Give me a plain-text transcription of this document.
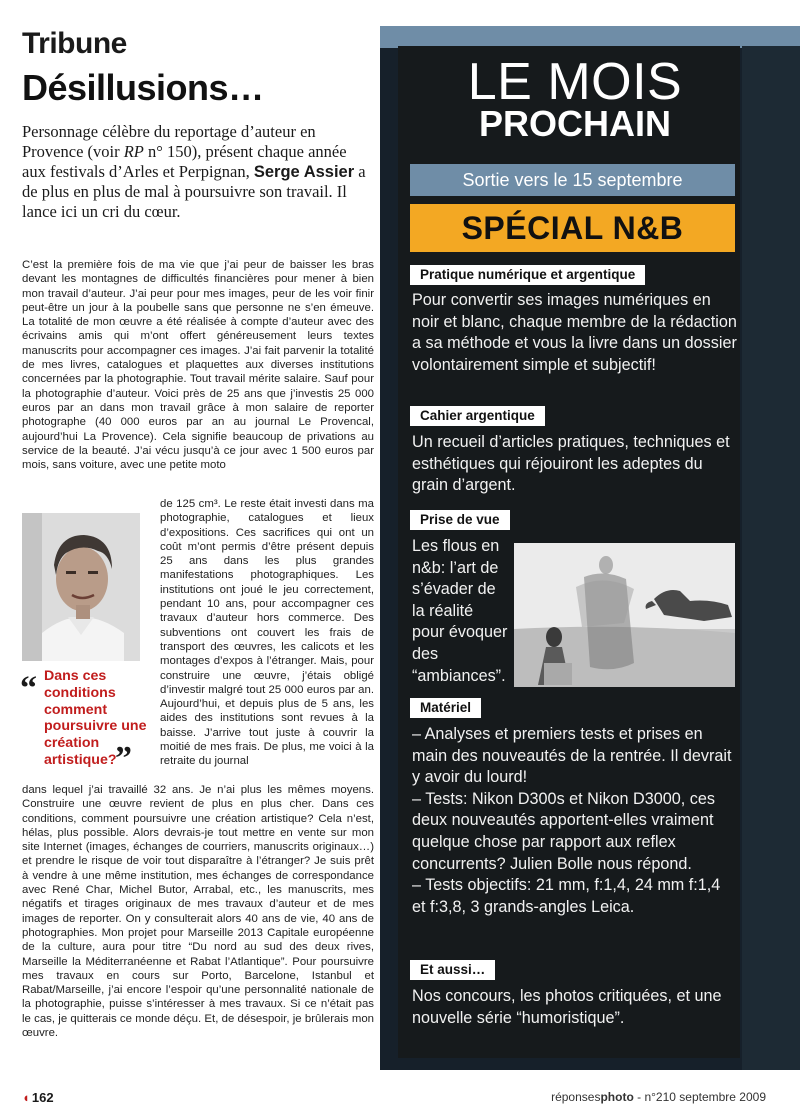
Tribune
Désillusions…

Personnage célèbre du reportage d’auteur en Provence (voir RP n° 150), présent chaque année aux festivals d’Arles et Perpignan, Serge Assier a de plus en plus de mal à poursuivre son travail. Il lance ici un cri du cœur.

C’est la première fois de ma vie que j’ai peur de baisser les bras devant les montagnes de difficultés financières pour mener à bien mon travail d’auteur. J’ai peur pour mes images, peur de les voir finir peut-être un jour à la poubelle sans que personne ne s’en émeuve. La totalité de mon œuvre a été réalisée à compte d’auteur avec des écrivains amis qui m’ont offert généreusement leurs textes manuscrits pour accompagner ces images. J’ai fait parvenir la totalité de mes livres, catalogues et plaquettes aux diverses institutions concernées par la photographie. Tout travail mérite salaire. Sauf pour la photographie d’auteur. Voici près de 25 ans que j’investis 25 000 euros par an dans mon travail grâce à mon salaire de reporter photographe (40 000 euros par an au journal Le Provencal, aujourd’hui La Provence). Cela signifie beaucoup de privations au service de la beauté. J’ai vécu jusqu’à ce jour avec 1 500 euros par mois, sans voiture, avec une petite moto

“ Dans ces conditions comment poursuivre une création artistique?
”

de 125 cm³. Le reste était investi dans ma photographie, catalogues et lieux d’expositions. Ces sacrifices qui ont un coût m’ont permis d’être présent depuis 25 ans dans les plus grandes manifestations photographiques. Les institutions ont joué le jeu correctement, pendant 10 ans, pour accompagner ces travaux d’auteur hors commerce. Des subventions ont couvert les frais de transport des œuvres, les calicots et les montages d’expos à l’étranger. Mais, pour construire une œuvre, j’étais obligé d’investir malgré tout 25 000 euros par an. Aujourd’hui, et depuis plus de 5 ans, les aides des institutions sont revues à la baisse. J’arrive tout juste à couvrir la moitié de mes frais. De plus, me voici à la retraite du journal

dans lequel j’ai travaillé 32 ans. Je n’ai plus les mêmes moyens. Construire une œuvre revient de plus en plus cher. Dans ces conditions, comment poursuivre une création artistique? Cela n’est, hélas, plus possible. Alors devrais-je tout mettre en vente sur mon site Internet (images, échanges de courriers, manuscrits originaux…) et prendre le risque de voir tout disparaître à l’étranger? Je suis prêt à vendre à une même institution, mes échanges de correspondance avec René Char, Michel Butor, Arrabal, etc., les manuscrits, mes négatifs et tirages originaux de mes travaux d’auteur et de mes images de reporter. On y consulterait alors 40 ans de vie, 40 ans de photographies. Mon projet pour Marseille 2013 Capitale européenne de la culture, aura pour titre “Du nord au sud des deux rives, Marseille la Méditerranéenne et Rabat l’Atlantique”. Pour poursuivre mes travaux en cours sur Porto, Barcelone, Istanbul et Rabat/Marseille, j’ai encore l’espoir qu’une personnalité nationale de la photographie, puisse s’intéresser à mes travaux. Si ce n’était pas le cas, je quitterais ce monde déçu. Et, de désespoir, je brûlerais mon œuvre.

◖ 162	réponsesphoto - n°210 septembre 2009
LE MOIS
PROCHAIN
Sortie vers le 15 septembre
SPÉCIAL N&B
Pratique numérique et argentique

Pour convertir ses images numériques en noir et blanc, chaque membre de la rédaction a sa méthode et vous la livre dans un dossier volontairement simple et subjectif!

Cahier argentique

Un recueil d’articles pratiques, techniques et esthétiques qui réjouiront les adeptes du grain d’argent.

Prise de vue

Les flous en n&b: l’art de s’évader de la réalité pour évoquer des “ambiances”.

Matériel

– Analyses et premiers tests et prises en main des nouveautés de la rentrée. Il devrait y avoir du lourd!

– Tests: Nikon D300s et Nikon D3000, ces deux nouveautés apportent-elles vraiment quelque chose par rapport aux reflex concurrents? Julien Bolle nous répond.

– Tests objectifs: 21 mm, f:1,4, 24 mm f:1,4 et f:3,8, 3 grands-angles Leica.

Et aussi…

Nos concours, les photos critiquées, et une nouvelle série “humoristique”.
